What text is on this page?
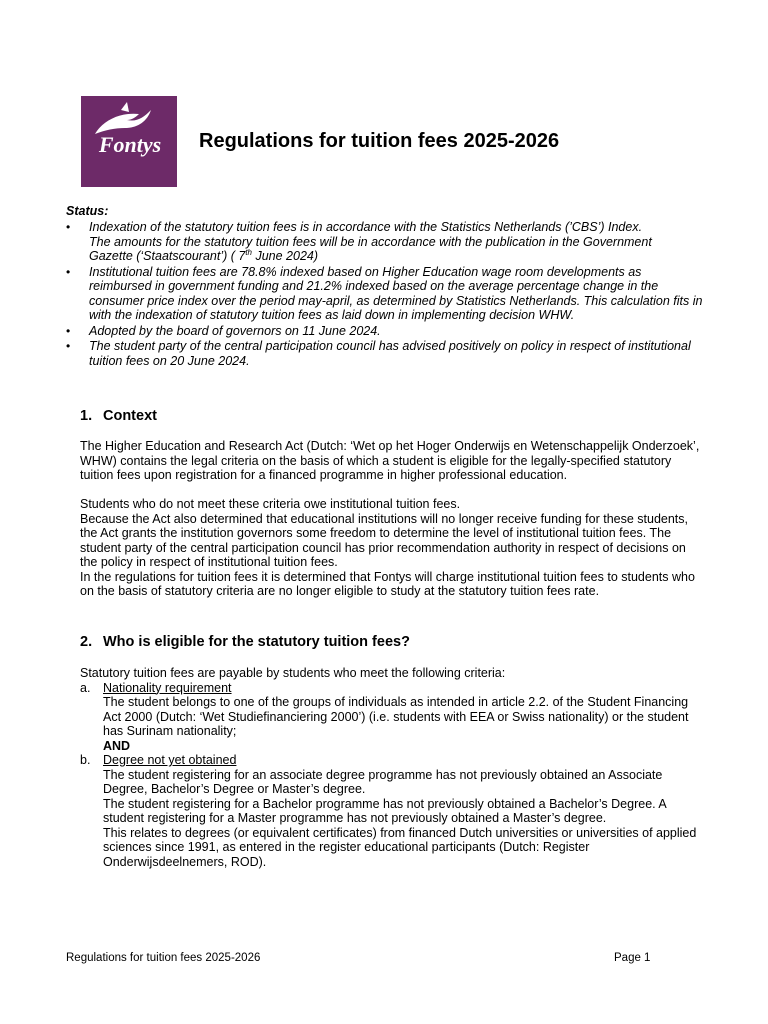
Fontys	Regulations for tuition fees 2025-2026
Status:
• Indexation of the statutory tuition fees is in accordance with the Statistics Netherlands (’CBS’) Index.
The amounts for the statutory tuition fees will be in accordance with the publication in the Government
Gazette (‘Staatscourant’) ( 7th June 2024)

• Institutional tuition fees are 78.8% indexed based on Higher Education wage room developments as reimbursed in government funding and 21.2% indexed based on the average percentage change in the consumer price index over the period may-april, as determined by Statistics Netherlands. This calculation fits in with the indexation of statutory tuition fees as laid down in implementing decision WHW.

• Adopted by the board of governors on 11 June 2024.

• The student party of the central participation council has advised positively on policy in respect of institutional tuition fees on 20 June 2024.

1. Context

The Higher Education and Research Act (Dutch: ‘Wet op het Hoger Onderwijs en Wetenschappelijk Onderzoek’, WHW) contains the legal criteria on the basis of which a student is eligible for the legally-specified statutory tuition fees upon registration for a financed programme in higher professional education.

Students who do not meet these criteria owe institutional tuition fees.

Because the Act also determined that educational institutions will no longer receive funding for these students, the Act grants the institution governors some freedom to determine the level of institutional tuition fees. The student party of the central participation council has prior recommendation authority in respect of decisions on the policy in respect of institutional tuition fees.

In the regulations for tuition fees it is determined that Fontys will charge institutional tuition fees to students who on the basis of statutory criteria are no longer eligible to study at the statutory tuition fees rate.

2. Who is eligible for the statutory tuition fees?

Statutory tuition fees are payable by students who meet the following criteria:

a. Nationality requirement

The student belongs to one of the groups of individuals as intended in article 2.2. of the Student Financing Act 2000 (Dutch: ‘Wet Studiefinanciering 2000’) (i.e. students with EEA or Swiss nationality) or the student has Surinam nationality;

AND

b. Degree not yet obtained

The student registering for an associate degree programme has not previously obtained an Associate Degree, Bachelor’s Degree or Master’s degree.

The student registering for a Bachelor programme has not previously obtained a Bachelor’s Degree. A student registering for a Master programme has not previously obtained a Master’s degree.

This relates to degrees (or equivalent certificates) from financed Dutch universities or universities of applied sciences since 1991, as entered in the register educational participants (Dutch: Register Onderwijsdeelnemers, ROD).

Regulations for tuition fees 2025-2026	Page 1
